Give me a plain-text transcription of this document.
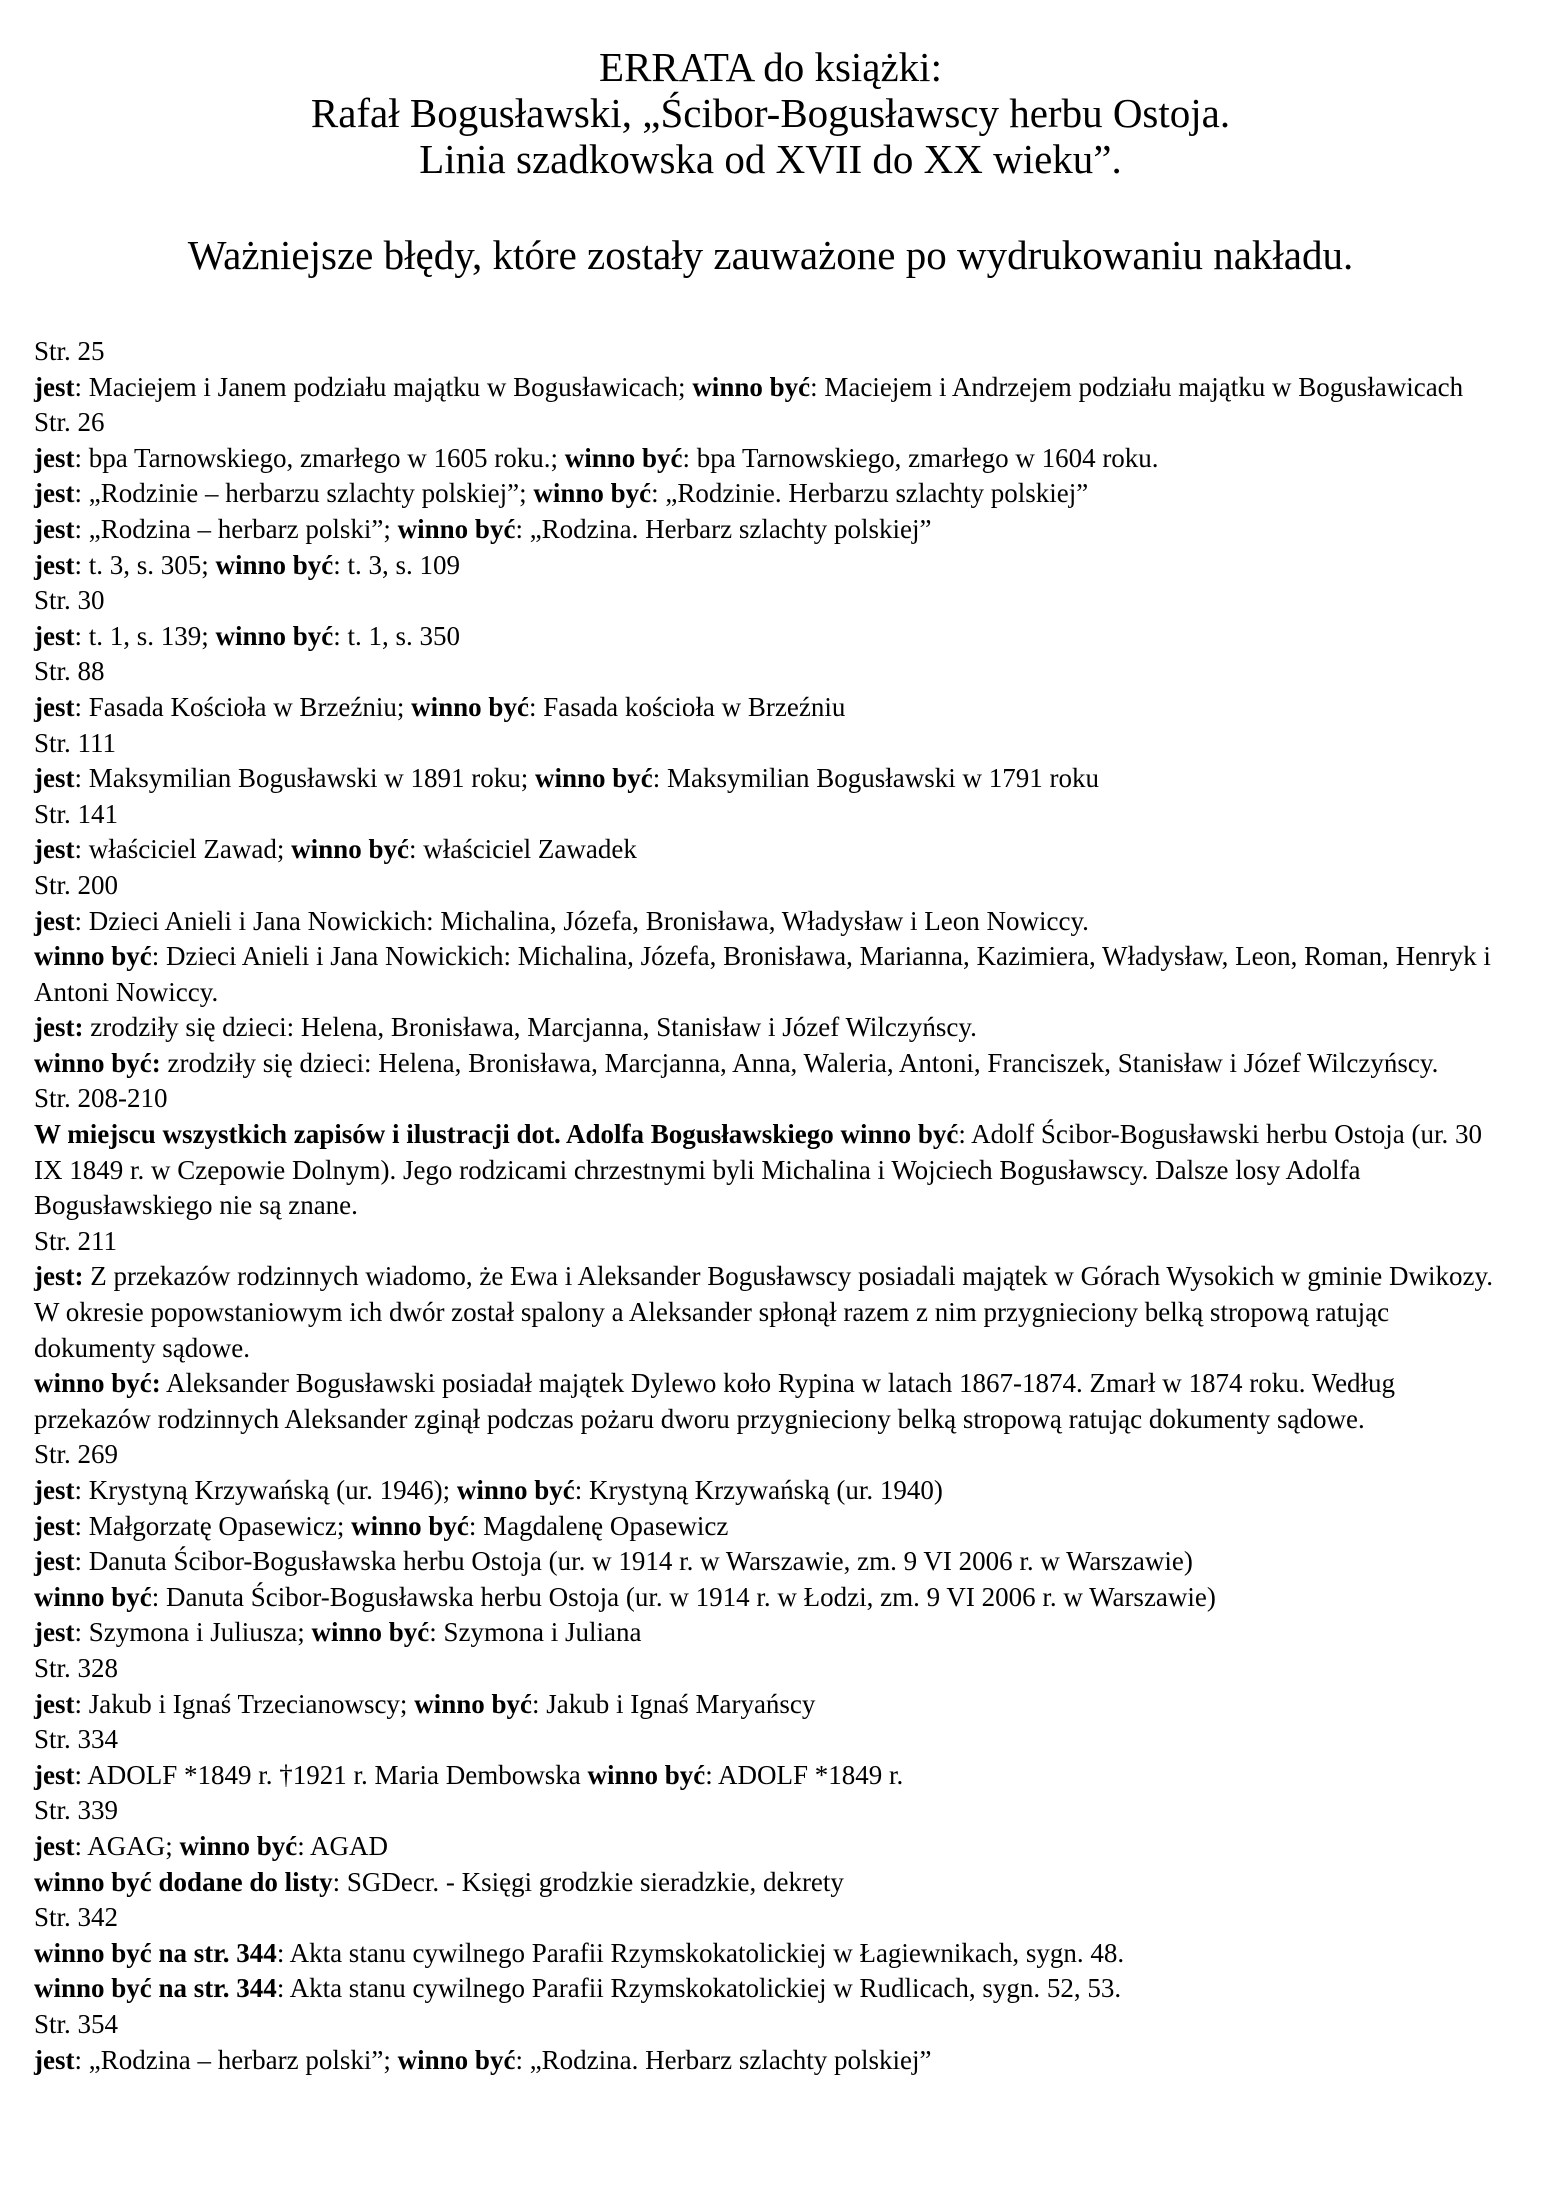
ERRATA do książki:
Rafał Bogusławski, „Ścibor-Bogusławscy herbu Ostoja.
Linia szadkowska od XVII do XX wieku”.
Ważniejsze błędy, które zostały zauważone po wydrukowaniu nakładu.
Str. 25
jest: Maciejem i Janem podziału majątku w Bogusławicach; winno być: Maciejem i Andrzejem podziału majątku w Bogusławicach
Str. 26
jest: bpa Tarnowskiego, zmarłego w 1605 roku.; winno być: bpa Tarnowskiego, zmarłego w 1604 roku.
jest: „Rodzinie – herbarzu szlachty polskiej”; winno być: „Rodzinie. Herbarzu szlachty polskiej”
jest: „Rodzina – herbarz polski”; winno być: „Rodzina. Herbarz szlachty polskiej”
jest: t. 3, s. 305; winno być: t. 3, s. 109
Str. 30
jest: t. 1, s. 139; winno być: t. 1, s. 350
Str. 88
jest: Fasada Kościoła w Brzeźniu; winno być: Fasada kościoła w Brzeźniu
Str. 111
jest: Maksymilian Bogusławski w 1891 roku; winno być: Maksymilian Bogusławski w 1791 roku
Str. 141
jest: właściciel Zawad; winno być: właściciel Zawadek
Str. 200
jest: Dzieci Anieli i Jana Nowickich: Michalina, Józefa, Bronisława, Władysław i Leon Nowiccy.
winno być: Dzieci Anieli i Jana Nowickich: Michalina, Józefa, Bronisława, Marianna, Kazimiera, Władysław, Leon, Roman, Henryk i Antoni Nowiccy.
jest: zrodziły się dzieci: Helena, Bronisława, Marcjanna, Stanisław i Józef Wilczyńscy.
winno być: zrodziły się dzieci: Helena, Bronisława, Marcjanna, Anna, Waleria, Antoni, Franciszek, Stanisław i Józef Wilczyńscy.
Str. 208-210
W miejscu wszystkich zapisów i ilustracji dot. Adolfa Bogusławskiego winno być: Adolf Ścibor-Bogusławski herbu Ostoja (ur. 30 IX 1849 r. w Czepowie Dolnym). Jego rodzicami chrzestnymi byli Michalina i Wojciech Bogusławscy. Dalsze losy Adolfa Bogusławskiego nie są znane.
Str. 211
jest: Z przekazów rodzinnych wiadomo, że Ewa i Aleksander Bogusławscy posiadali majątek w Górach Wysokich w gminie Dwikozy. W okresie popowstaniowym ich dwór został spalony a Aleksander spłonął razem z nim przygnieciony belką stropową ratując dokumenty sądowe.
winno być: Aleksander Bogusławski posiadał majątek Dylewo koło Rypina w latach 1867-1874. Zmarł w 1874 roku. Według przekazów rodzinnych Aleksander zginął podczas pożaru dworu przygnieciony belką stropową ratując dokumenty sądowe.
Str. 269
jest: Krystyną Krzywańską (ur. 1946); winno być: Krystyną Krzywańską (ur. 1940)
jest: Małgorzatę Opasewicz; winno być: Magdalenę Opasewicz
jest: Danuta Ścibor-Bogusławska herbu Ostoja (ur. w 1914 r. w Warszawie, zm. 9 VI 2006 r. w Warszawie)
winno być: Danuta Ścibor-Bogusławska herbu Ostoja (ur. w 1914 r. w Łodzi, zm. 9 VI 2006 r. w Warszawie)
jest: Szymona i Juliusza; winno być: Szymona i Juliana
Str. 328
jest: Jakub i Ignaś Trzecianowscy; winno być: Jakub i Ignaś Maryańscy
Str. 334
jest: ADOLF *1849 r. †1921 r. Maria Dembowska winno być: ADOLF *1849 r.
Str. 339
jest: AGAG; winno być: AGAD
winno być dodane do listy: SGDecr. - Księgi grodzkie sieradzkie, dekrety
Str. 342
winno być na str. 344: Akta stanu cywilnego Parafii Rzymskokatolickiej w Łagiewnikach, sygn. 48.
winno być na str. 344: Akta stanu cywilnego Parafii Rzymskokatolickiej w Rudlicach, sygn. 52, 53.
Str. 354
jest: „Rodzina – herbarz polski”; winno być: „Rodzina. Herbarz szlachty polskiej”
